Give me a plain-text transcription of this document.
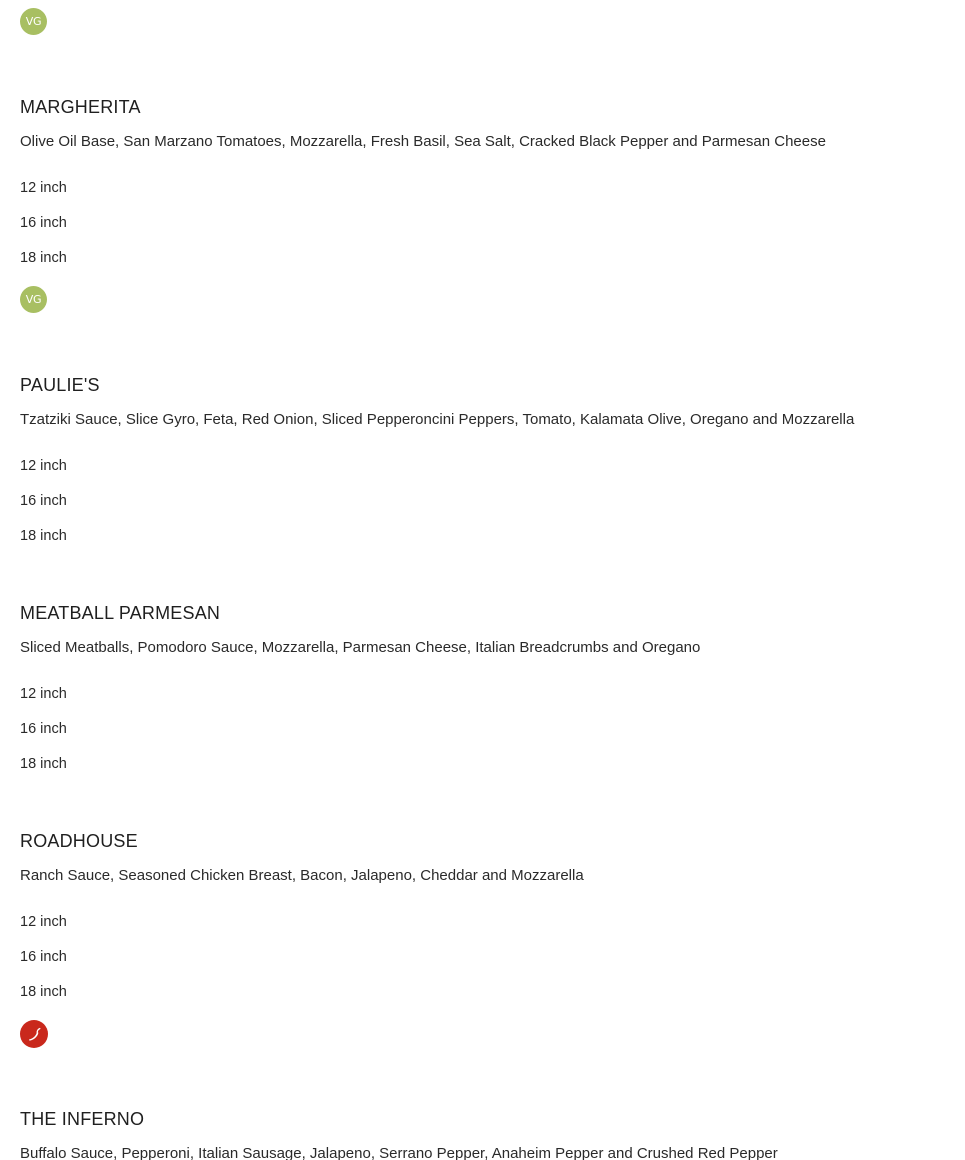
VG
MARGHERITA
Olive Oil Base, San Marzano Tomatoes, Mozzarella, Fresh Basil, Sea Salt, Cracked Black Pepper and Parmesan Cheese
12 inch
16 inch
18 inch
VG
PAULIE'S
Tzatziki Sauce, Slice Gyro, Feta, Red Onion, Sliced Pepperoncini Peppers, Tomato, Kalamata Olive, Oregano and Mozzarella
12 inch
16 inch
18 inch
MEATBALL PARMESAN
Sliced Meatballs, Pomodoro Sauce, Mozzarella, Parmesan Cheese, Italian Breadcrumbs and Oregano
12 inch
16 inch
18 inch
ROADHOUSE
Ranch Sauce, Seasoned Chicken Breast, Bacon, Jalapeno, Cheddar and Mozzarella
12 inch
16 inch
18 inch
THE INFERNO
Buffalo Sauce, Pepperoni, Italian Sausage, Jalapeno, Serrano Pepper, Anaheim Pepper and Crushed Red Pepper
